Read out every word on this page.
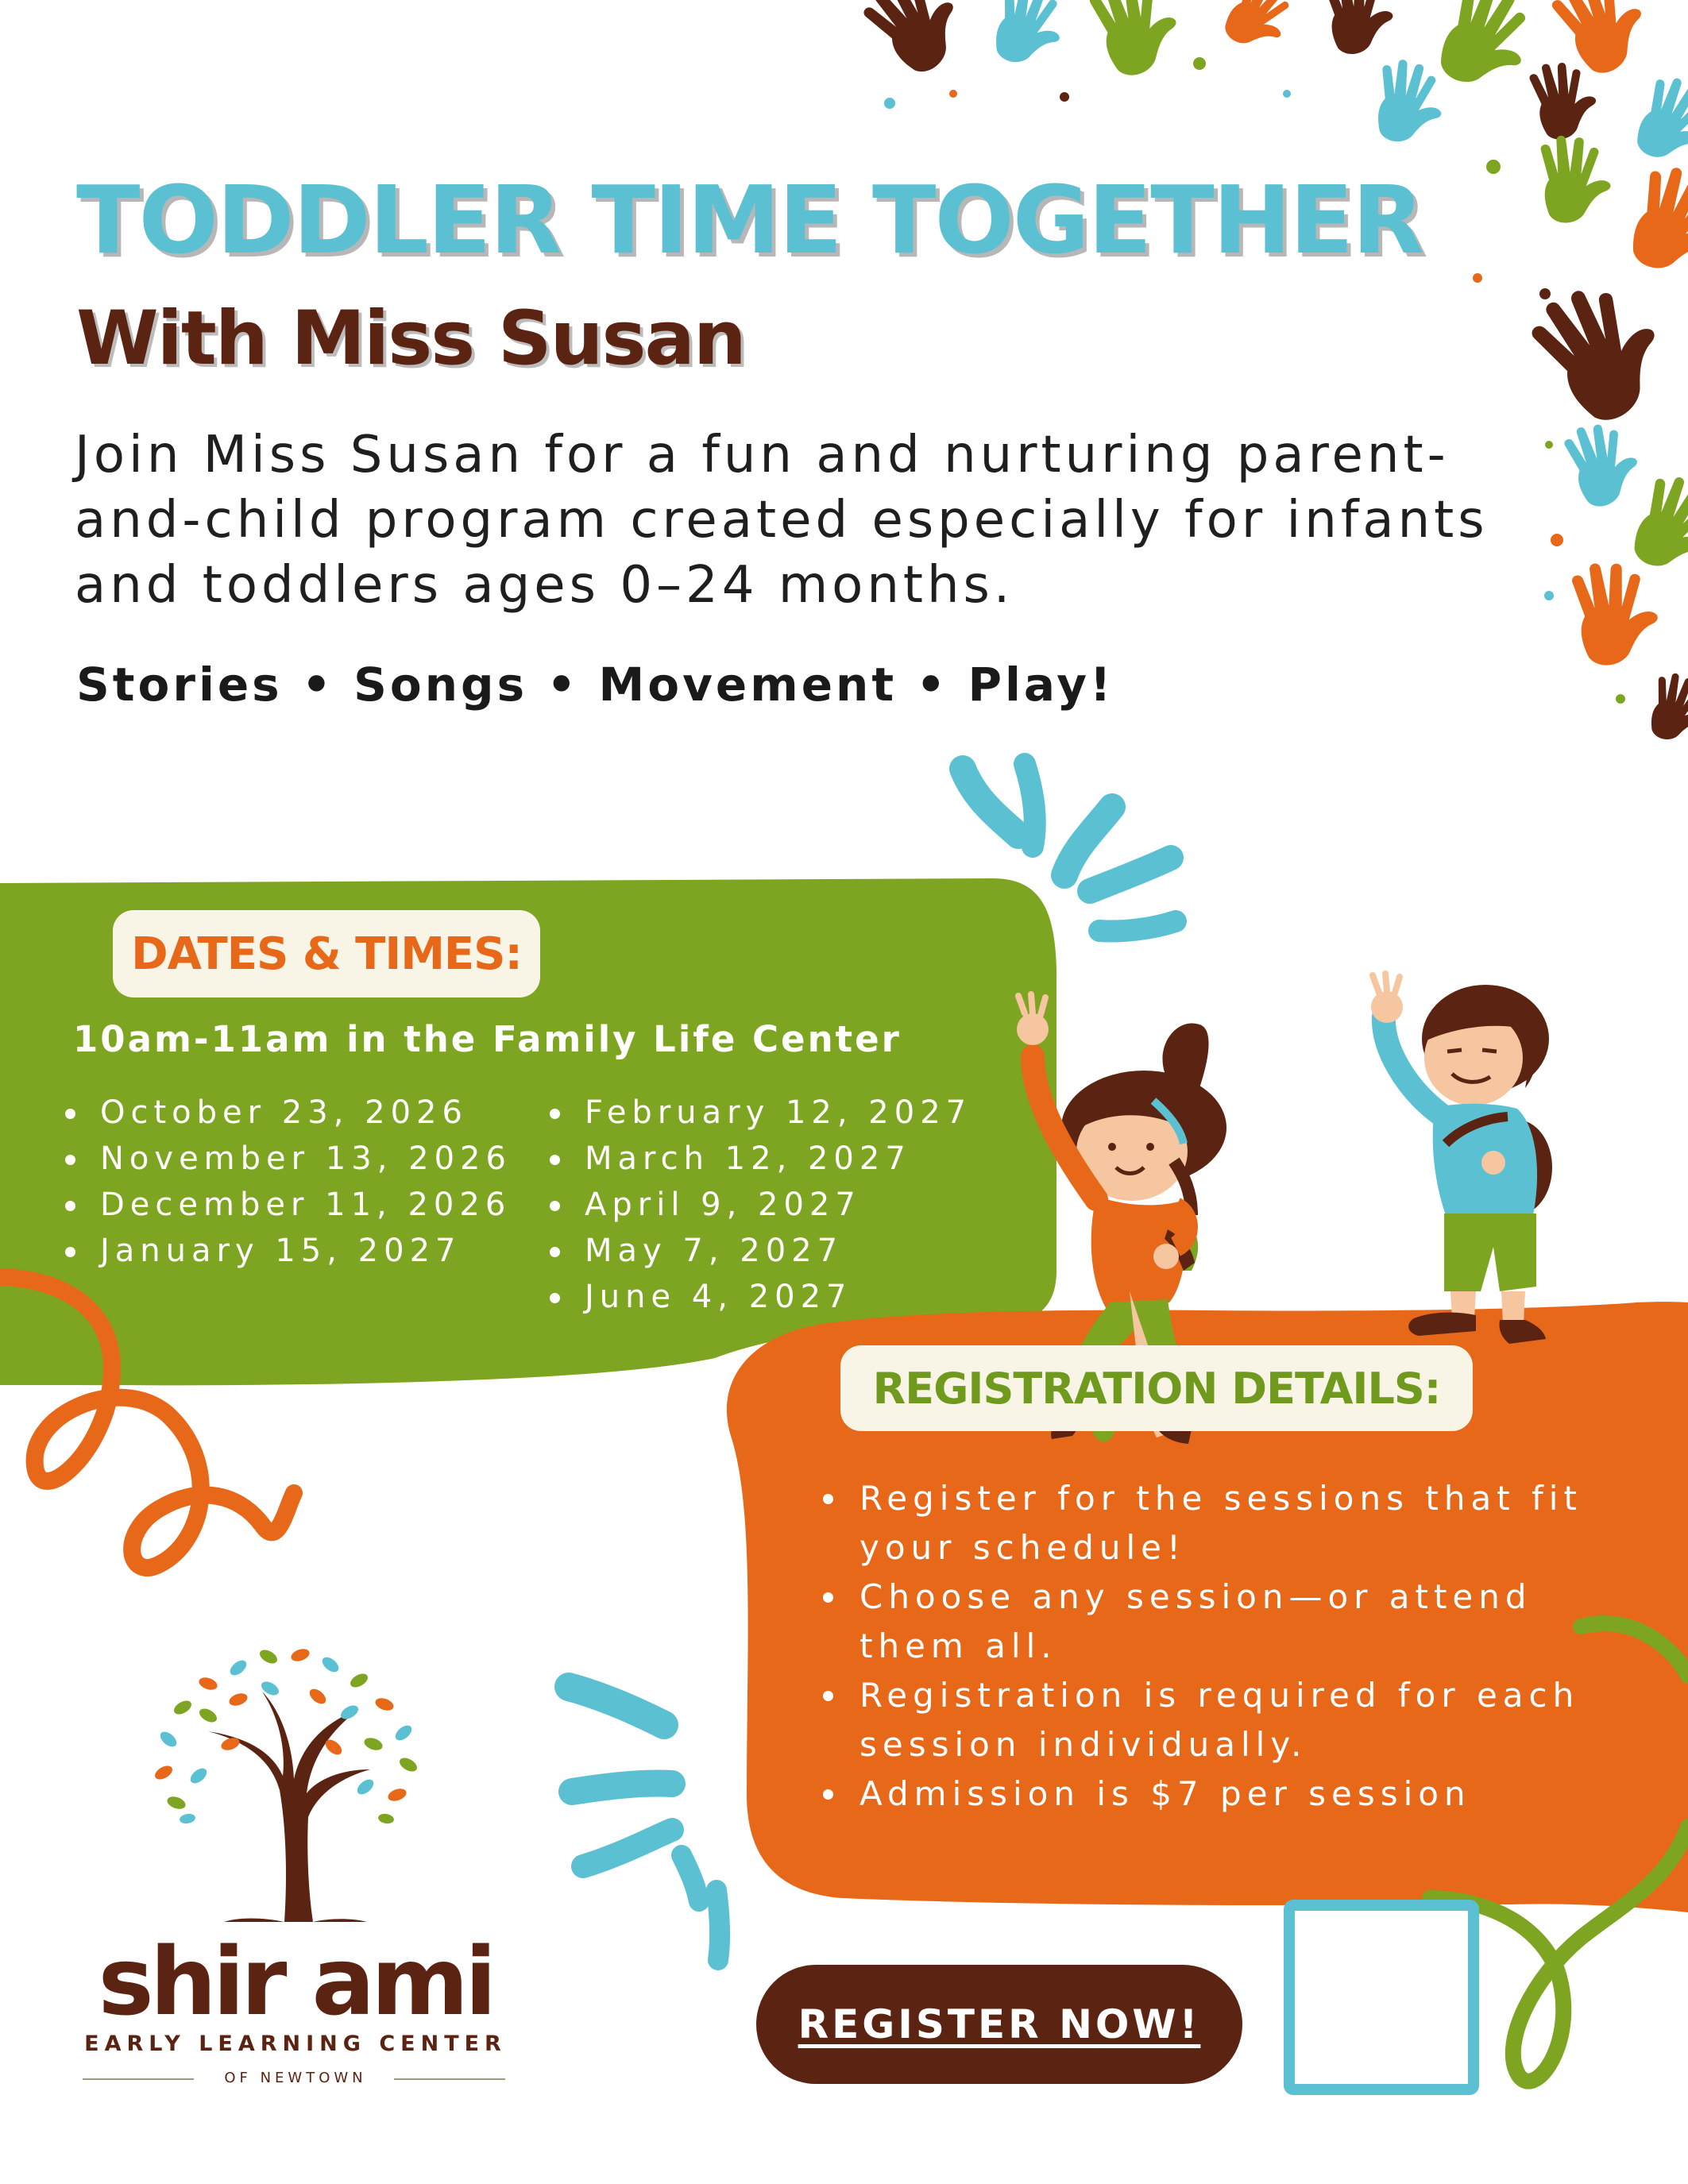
TODDLER TIME TOGETHER
With Miss Susan

Join Miss Susan for a fun and nurturing parent-and-child program created especially for infants and toddlers ages 0–24 months.

Stories • Songs • Movement • Play!

DATES & TIMES:

10am-11am in the Family Life Center

October 23, 2026
November 13, 2026
December 11, 2026
January 15, 2027
February 12, 2027
March 12, 2027
April 9, 2027
May 7, 2027
June 4, 2027
REGISTRATION DETAILS:
Register for the sessions that fit your schedule!
Choose any session—or attend them all.
Registration is required for each session individually.
Admission is $7 per session

shir ami

EARLY LEARNING CENTER

OF NEWTOWN

REGISTER NOW!
